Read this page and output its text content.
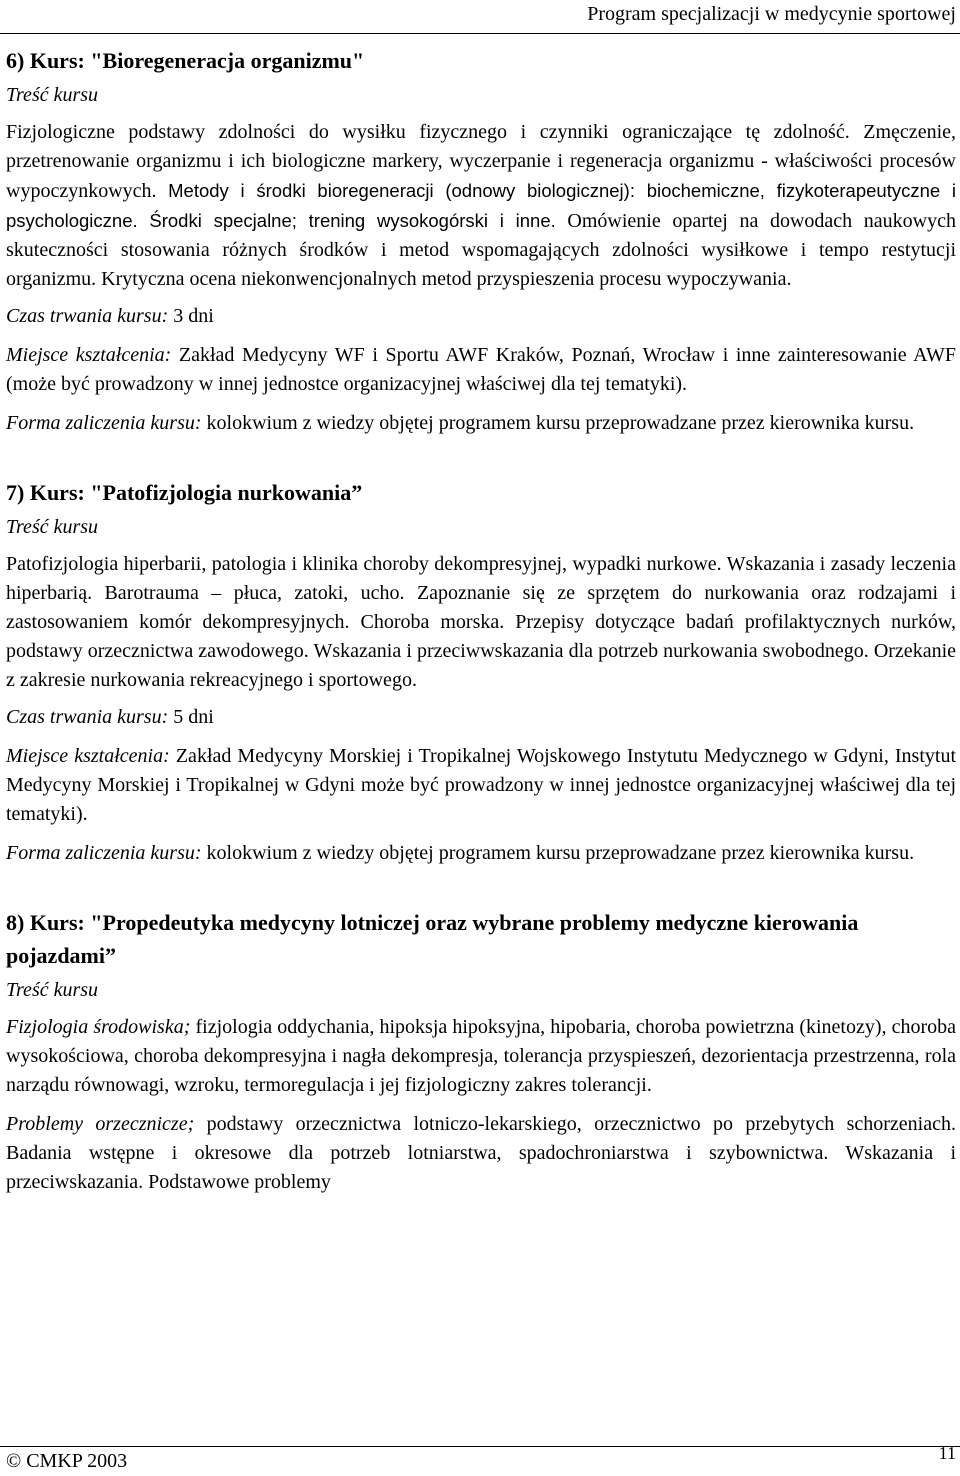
Program specjalizacji w medycynie sportowej
6) Kurs: "Bioregeneracja organizmu"
Treść kursu

Fizjologiczne podstawy zdolności do wysiłku fizycznego i czynniki ograniczające tę zdolność. Zmęczenie, przetrenowanie organizmu i ich biologiczne markery, wyczerpanie i regeneracja organizmu - właściwości procesów wypoczynkowych. Metody i środki bioregeneracji (odnowy biologicznej): biochemiczne, fizykoterapeutyczne i psychologiczne. Środki specjalne; trening wysokogórski i inne. Omówienie opartej na dowodach naukowych skuteczności stosowania różnych środków i metod wspomagających zdolności wysiłkowe i tempo restytucji organizmu. Krytyczna ocena niekonwencjonalnych metod przyspieszenia procesu wypoczywania.

Czas trwania kursu: 3 dni

Miejsce kształcenia: Zakład Medycyny WF i Sportu AWF Kraków, Poznań, Wrocław i inne zainteresowanie AWF (może być prowadzony w innej jednostce organizacyjnej właściwej dla tej tematyki).

Forma zaliczenia kursu: kolokwium z wiedzy objętej programem kursu przeprowadzane przez kierownika kursu.

7) Kurs: "Patofizjologia nurkowania”
Treść kursu

Patofizjologia hiperbarii, patologia i klinika choroby dekompresyjnej, wypadki nurkowe. Wskazania i zasady leczenia hiperbarią. Barotrauma – płuca, zatoki, ucho. Zapoznanie się ze sprzętem do nurkowania oraz rodzajami i zastosowaniem komór dekompresyjnych. Choroba morska. Przepisy dotyczące badań profilaktycznych nurków, podstawy orzecznictwa zawodowego. Wskazania i przeciwwskazania dla potrzeb nurkowania swobodnego. Orzekanie z zakresie nurkowania rekreacyjnego i sportowego.

Czas trwania kursu: 5 dni

Miejsce kształcenia: Zakład Medycyny Morskiej i Tropikalnej Wojskowego Instytutu Medycznego w Gdyni, Instytut Medycyny Morskiej i Tropikalnej w Gdyni może być prowadzony w innej jednostce organizacyjnej właściwej dla tej tematyki).

Forma zaliczenia kursu: kolokwium z wiedzy objętej programem kursu przeprowadzane przez kierownika kursu.

8) Kurs: "Propedeutyka medycyny lotniczej oraz wybrane problemy medyczne kierowania pojazdami”
Treść kursu

Fizjologia środowiska; fizjologia oddychania, hipoksja hipoksyjna, hipobaria, choroba powietrzna (kinetozy), choroba wysokościowa, choroba dekompresyjna i nagła dekompresja, tolerancja przyspieszeń, dezorientacja przestrzenna, rola narządu równowagi, wzroku, termoregulacja i jej fizjologiczny zakres tolerancji.

Problemy orzecznicze; podstawy orzecznictwa lotniczo-lekarskiego, orzecznictwo po przebytych schorzeniach. Badania wstępne i okresowe dla potrzeb lotniarstwa, spadochroniarstwa i szybownictwa. Wskazania i przeciwskazania. Podstawowe problemy

© CMKP 2003	11
